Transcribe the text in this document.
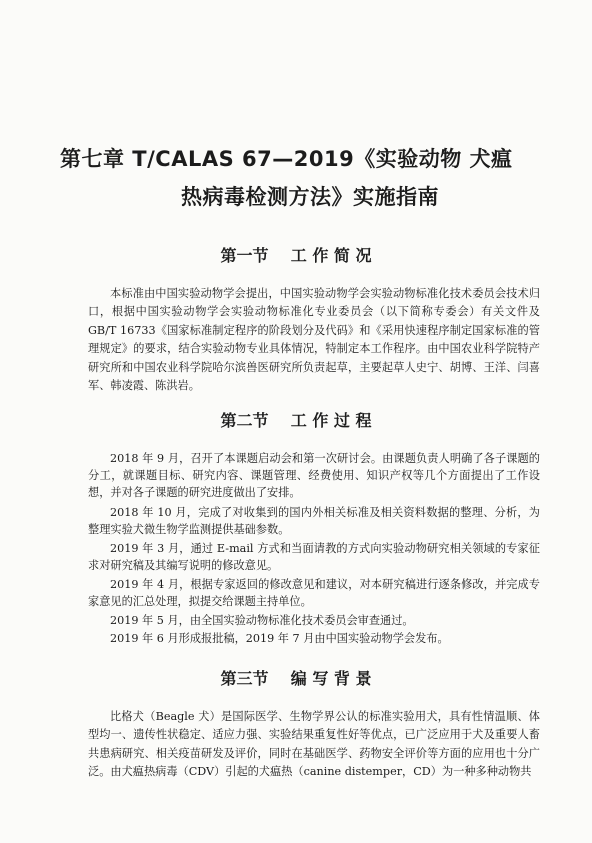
第七章 T/CALAS 67—2019《实验动物 犬瘟
热病毒检测方法》实施指南
第一节    工 作 简 况

本标准由中国实验动物学会提出，中国实验动物学会实验动物标准化技术委员会技术归口，根据中国实验动物学会实验动物标准化专业委员会（以下简称专委会）有关文件及GB/T 16733《国家标准制定程序的阶段划分及代码》和《采用快速程序制定国家标准的管理规定》的要求，结合实验动物专业具体情况，特制定本工作程序。由中国农业科学院特产研究所和中国农业科学院哈尔滨兽医研究所负责起草，主要起草人史宁、胡博、王洋、闫喜军、韩凌霞、陈洪岩。

第二节    工 作 过 程

2018 年 9 月，召开了本课题启动会和第一次研讨会。由课题负责人明确了各子课题的分工，就课题目标、研究内容、课题管理、经费使用、知识产权等几个方面提出了工作设想，并对各子课题的研究进度做出了安排。

2018 年 10 月，完成了对收集到的国内外相关标准及相关资料数据的整理、分析，为整理实验犬微生物学监测提供基础参数。

2019 年 3 月，通过 E-mail 方式和当面请教的方式向实验动物研究相关领域的专家征求对研究稿及其编写说明的修改意见。

2019 年 4 月，根据专家返回的修改意见和建议，对本研究稿进行逐条修改，并完成专家意见的汇总处理，拟提交给课题主持单位。

2019 年 5 月，由全国实验动物标准化技术委员会审查通过。

2019 年 6 月形成报批稿，2019 年 7 月由中国实验动物学会发布。

第三节    编 写 背 景

比格犬（Beagle 犬）是国际医学、生物学界公认的标准实验用犬，具有性情温顺、体型均一、遗传性状稳定、适应力强、实验结果重复性好等优点，已广泛应用于犬及重要人畜共患病研究、相关疫苗研发及评价，同时在基础医学、药物安全评价等方面的应用也十分广泛。由犬瘟热病毒（CDV）引起的犬瘟热（canine distemper，CD）为一种多种动物共
